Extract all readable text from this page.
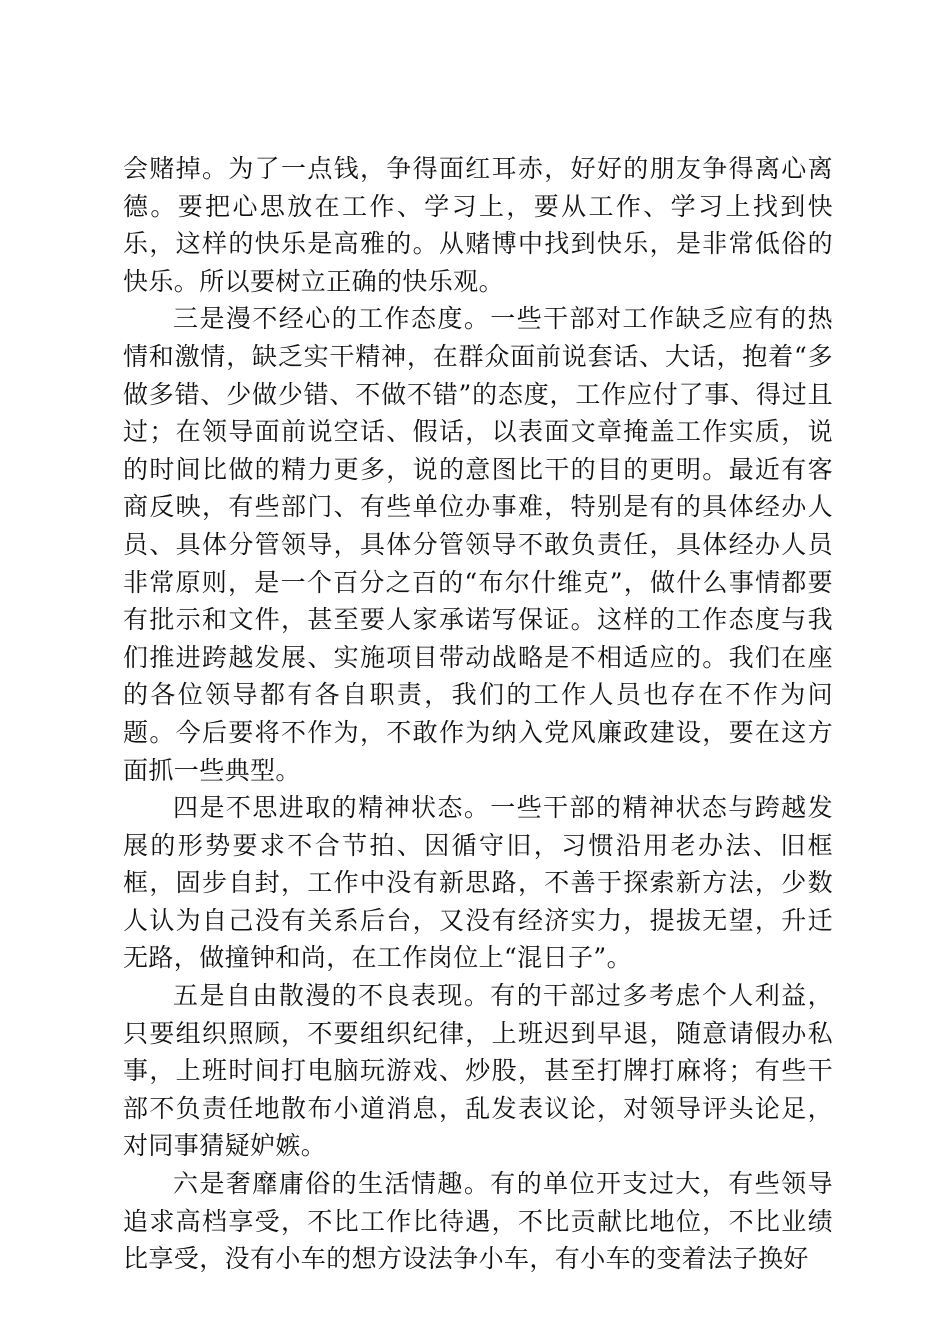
会赌掉。为了一点钱，争得面红耳赤，好好的朋友争得离心离德。要把心思放在工作、学习上，要从工作、学习上找到快乐，这样的快乐是高雅的。从赌博中找到快乐，是非常低俗的快乐。所以要树立正确的快乐观。

三是漫不经心的工作态度。一些干部对工作缺乏应有的热情和激情，缺乏实干精神，在群众面前说套话、大话，抱着“多做多错、少做少错、不做不错”的态度，工作应付了事、得过且过；在领导面前说空话、假话，以表面文章掩盖工作实质，说的时间比做的精力更多，说的意图比干的目的更明。最近有客商反映，有些部门、有些单位办事难，特别是有的具体经办人员、具体分管领导，具体分管领导不敢负责任，具体经办人员非常原则，是一个百分之百的“布尔什维克”，做什么事情都要有批示和文件，甚至要人家承诺写保证。这样的工作态度与我们推进跨越发展、实施项目带动战略是不相适应的。我们在座的各位领导都有各自职责，我们的工作人员也存在不作为问题。今后要将不作为，不敢作为纳入党风廉政建设，要在这方面抓一些典型。

四是不思进取的精神状态。一些干部的精神状态与跨越发展的形势要求不合节拍、因循守旧，习惯沿用老办法、旧框框，固步自封，工作中没有新思路，不善于探索新方法，少数人认为自己没有关系后台，又没有经济实力，提拔无望，升迁无路，做撞钟和尚，在工作岗位上“混日子”。

五是自由散漫的不良表现。有的干部过多考虑个人利益，只要组织照顾，不要组织纪律，上班迟到早退，随意请假办私事，上班时间打电脑玩游戏、炒股，甚至打牌打麻将；有些干部不负责任地散布小道消息，乱发表议论，对领导评头论足，对同事猜疑妒嫉。

六是奢靡庸俗的生活情趣。有的单位开支过大，有些领导追求高档享受，不比工作比待遇，不比贡献比地位，不比业绩比享受，没有小车的想方设法争小车，有小车的变着法子换好
